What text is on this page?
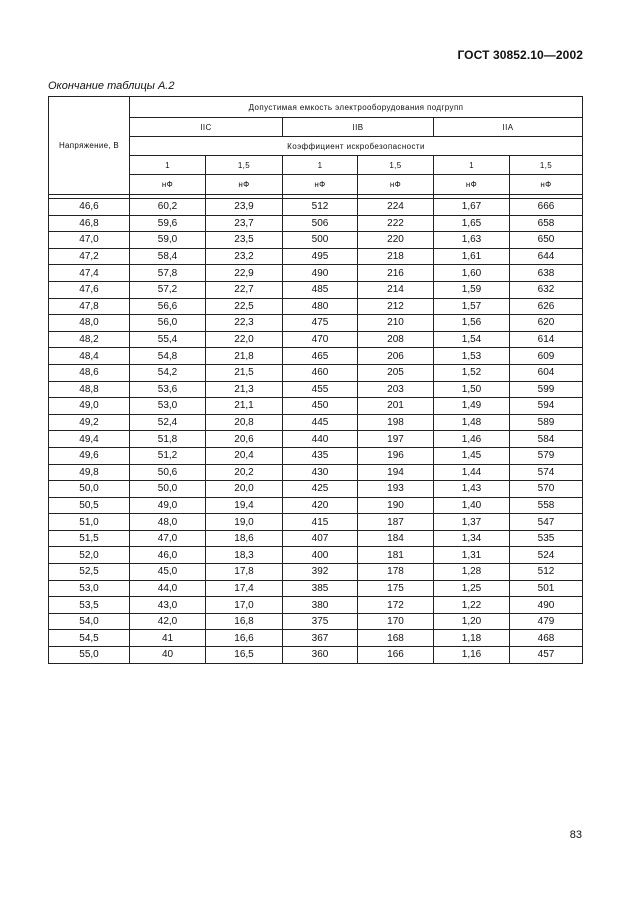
ГОСТ 30852.10—2002
Окончание таблицы А.2
Напряжение, В	Допустимая емкость электрооборудования подгрупп					
	IIC		IIB		IIA	
	Коэффициент искробезопасности					
	1	1,5	1	1,5	1	1,5
	нФ	нФ	нФ	нФ	нФ	нФ

46,6	60,2	23,9	512	224	1,67	666
46,8	59,6	23,7	506	222	1,65	658
47,0	59,0	23,5	500	220	1,63	650
47,2	58,4	23,2	495	218	1,61	644
47,4	57,8	22,9	490	216	1,60	638
47,6	57,2	22,7	485	214	1,59	632
47,8	56,6	22,5	480	212	1,57	626
48,0	56,0	22,3	475	210	1,56	620
48,2	55,4	22,0	470	208	1,54	614
48,4	54,8	21,8	465	206	1,53	609
48,6	54,2	21,5	460	205	1,52	604
48,8	53,6	21,3	455	203	1,50	599
49,0	53,0	21,1	450	201	1,49	594
49,2	52,4	20,8	445	198	1,48	589
49,4	51,8	20,6	440	197	1,46	584
49,6	51,2	20,4	435	196	1,45	579
49,8	50,6	20,2	430	194	1,44	574
50,0	50,0	20,0	425	193	1,43	570
50,5	49,0	19,4	420	190	1,40	558
51,0	48,0	19,0	415	187	1,37	547
51,5	47,0	18,6	407	184	1,34	535
52,0	46,0	18,3	400	181	1,31	524
52,5	45,0	17,8	392	178	1,28	512
53,0	44,0	17,4	385	175	1,25	501
53,5	43,0	17,0	380	172	1,22	490
54,0	42,0	16,8	375	170	1,20	479
54,5	41	16,6	367	168	1,18	468
55,0	40	16,5	360	166	1,16	457
83
